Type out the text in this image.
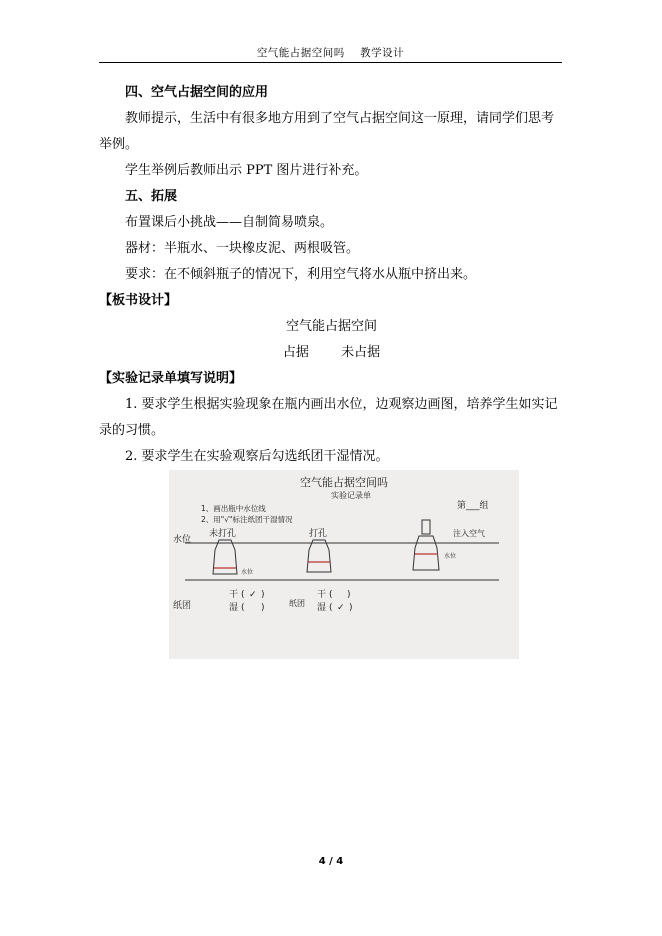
空气能占据空间吗    教学设计

四、空气占据空间的应用

教师提示，生活中有很多地方用到了空气占据空间这一原理，请同学们思考

举例。

学生举例后教师出示 PPT 图片进行补充。

五、拓展

布置课后小挑战——自制简易喷泉。

器材：半瓶水、一块橡皮泥、两根吸管。

要求：在不倾斜瓶子的情况下，利用空气将水从瓶中挤出来。

【板书设计】

空气能占据空间

占据 未占据

【实验记录单填写说明】

1. 要求学生根据实验现象在瓶内画出水位，边观察边画图，培养学生如实记

录的习惯。

2. 要求学生在实验观察后勾选纸团干湿情况。

空气能占据空间吗
实验记录单
第___组
1、画出瓶中水位线
2、用"√"标注纸团干湿情况
水位
未打孔
水位
打孔	注入空气
水位
纸团
干 ( ✓ )
湿 ( )	纸团
干 ( )
湿 ( ✓ )
4 / 4
